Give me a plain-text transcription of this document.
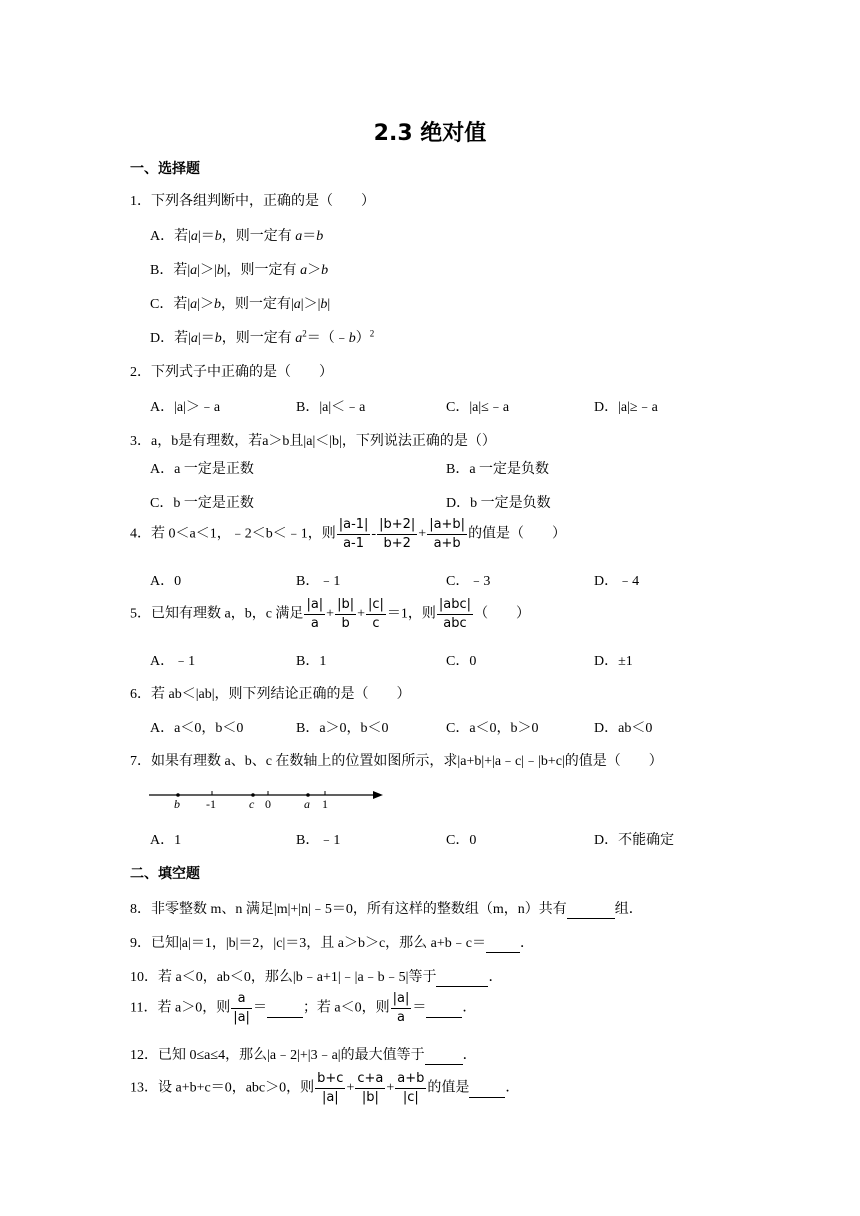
2.3 绝对值
一、选择题
1．下列各组判断中，正确的是（　　）
A．若|a|＝b，则一定有 a＝b
B．若|a|＞|b|，则一定有 a＞b
C．若|a|＞b，则一定有|a|＞|b|
D．若|a|＝b，则一定有 $a^2=(﹣b)^2$
2．下列式子中正确的是（　　）
A．|a|＞﹣a	B．|a|＜﹣a	C．|a|≤﹣a	D．|a|≥﹣a
3．a，b是有理数，若a＞b且|a|＜|b|，下列说法正确的是（）
A．a 一定是正数	B．a 一定是负数
C．b 一定是正数	D．b 一定是负数
4．若 0＜a＜1，﹣2＜b＜﹣1，则 $\frac{|a-1|}{a-1} - \frac{|b+2|}{b+2} + \frac{|a+b|}{a+b}$ 的值是（　　）
A．0	B．﹣1	C．﹣3	D．﹣4
5．已知有理数 a，b，c 满足 $\frac{|a|}{a} + \frac{|b|}{b} + \frac{|c|}{c} =1$，则 $\frac{\text{|abc|}}{\text{abc}}$ （　　）
A．﹣1	B．1	C．0	D．±1
6．若 ab＜|ab|，则下列结论正确的是（　　）
A．a＜0，b＜0	B．a＞0，b＜0	C．a＜0，b＞0	D．ab＜0
7．如果有理数 a、b、c 在数轴上的位置如图所示，求|a+b|+|a﹣c|﹣|b+c|的值是（　　）
b -1	c 0	a 1
A．1	B．﹣1	C．0	D．不能确定
二、填空题
8．非零整数 m、n 满足|m|+|n|﹣5＝0，所有这样的整数组（m，n）共有	组．
9．已知|a|＝1，|b|＝2，|c|＝3，且 a＞b＞c，那么 a+b﹣c＝ ．
10．若 a＜0，ab＜0，那么|b﹣a+1|﹣|a﹣b﹣5|等于	．
11．若 a＞0，则 $\frac{a}{|a|}$ ＝	；若 a＜0，则 $\frac{|a|}{a}$ ＝	．
12．已知 0≤a≤4，那么|a﹣2|+|3﹣a|的最大值等于	．
13．设 a+b+c＝0，abc＞0，则 $\frac{b+c}{|a|} + \frac{c+a}{|b|} + \frac{a+b}{|c|}$ 的值是	．
